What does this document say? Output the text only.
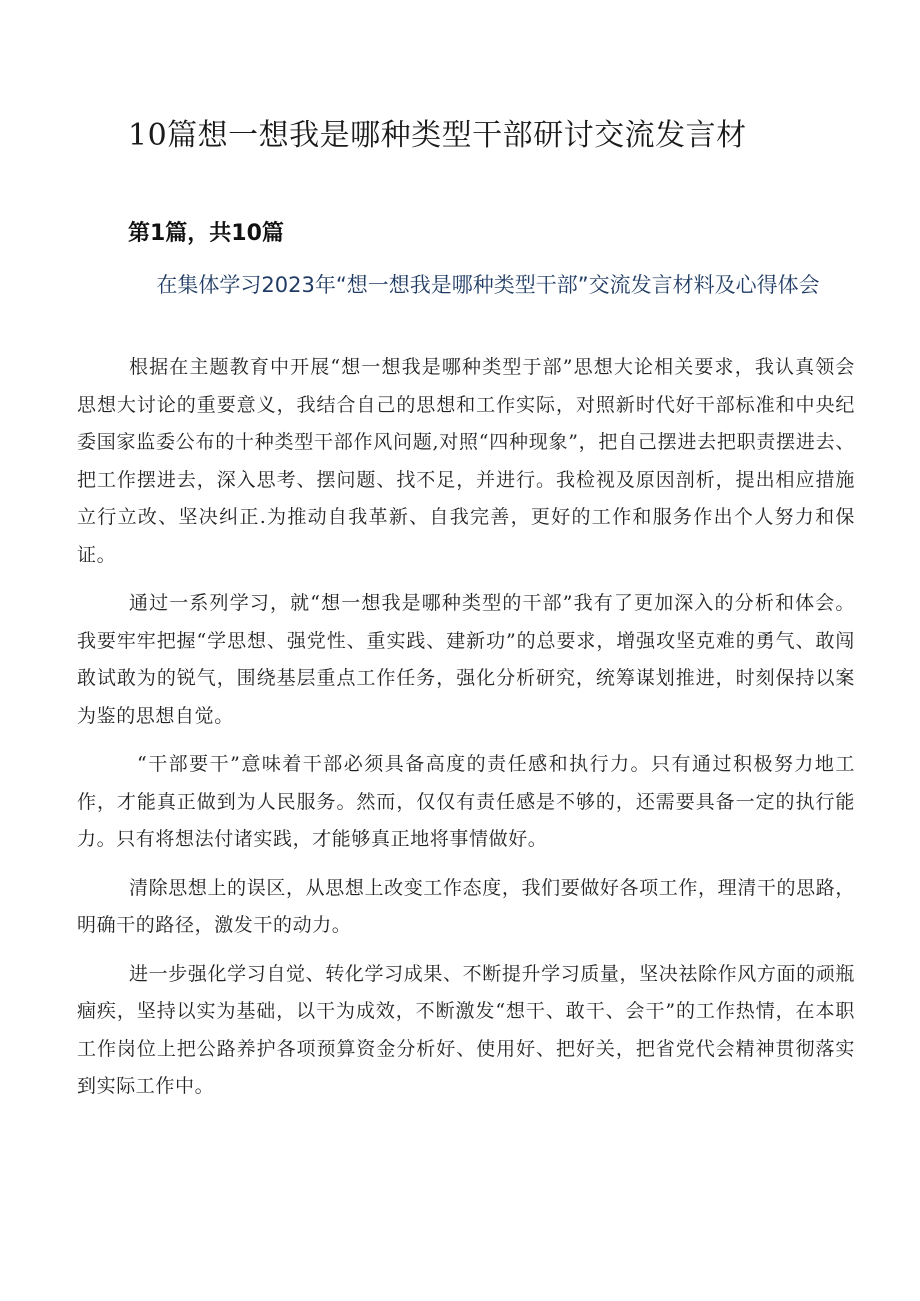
10篇想一想我是哪种类型干部研讨交流发言材
第1篇，共10篇
在集体学习2023年“想一想我是哪种类型干部”交流发言材料及心得体会

根据在主题教育中开展“想一想我是哪种类型于部”思想大论相关要求，我认真领会思想大讨论的重要意义，我结合自己的思想和工作实际，对照新时代好干部标准和中央纪委国家监委公布的十种类型干部作风问题,对照“四种现象”，把自己摆进去把职责摆进去、把工作摆进去，深入思考、摆问题、找不足，并进行。我检视及原因剖析，提出相应措施立行立改、坚决纠正.为推动自我革新、自我完善，更好的工作和服务作出个人努力和保证。

通过一系列学习，就“想一想我是哪种类型的干部”我有了更加深入的分析和体会。我要牢牢把握“学思想、强党性、重实践、建新功”的总要求，增强攻坚克难的勇气、敢闯敢试敢为的锐气，围绕基层重点工作任务，强化分析研究，统筹谋划推进，时刻保持以案为鉴的思想自觉。

“干部要干”意味着干部必须具备高度的责任感和执行力。只有通过积极努力地工作，才能真正做到为人民服务。然而，仅仅有责任感是不够的，还需要具备一定的执行能力。只有将想法付诸实践，才能够真正地将事情做好。

清除思想上的误区，从思想上改变工作态度，我们要做好各项工作，理清干的思路，明确干的路径，激发干的动力。

进一步强化学习自觉、转化学习成果、不断提升学习质量，坚决祛除作风方面的顽瓶痼疾，坚持以实为基础，以干为成效，不断激发“想干、敢干、会干”的工作热情，在本职工作岗位上把公路养护各项预算资金分析好、使用好、把好关，把省党代会精神贯彻落实到实际工作中。
